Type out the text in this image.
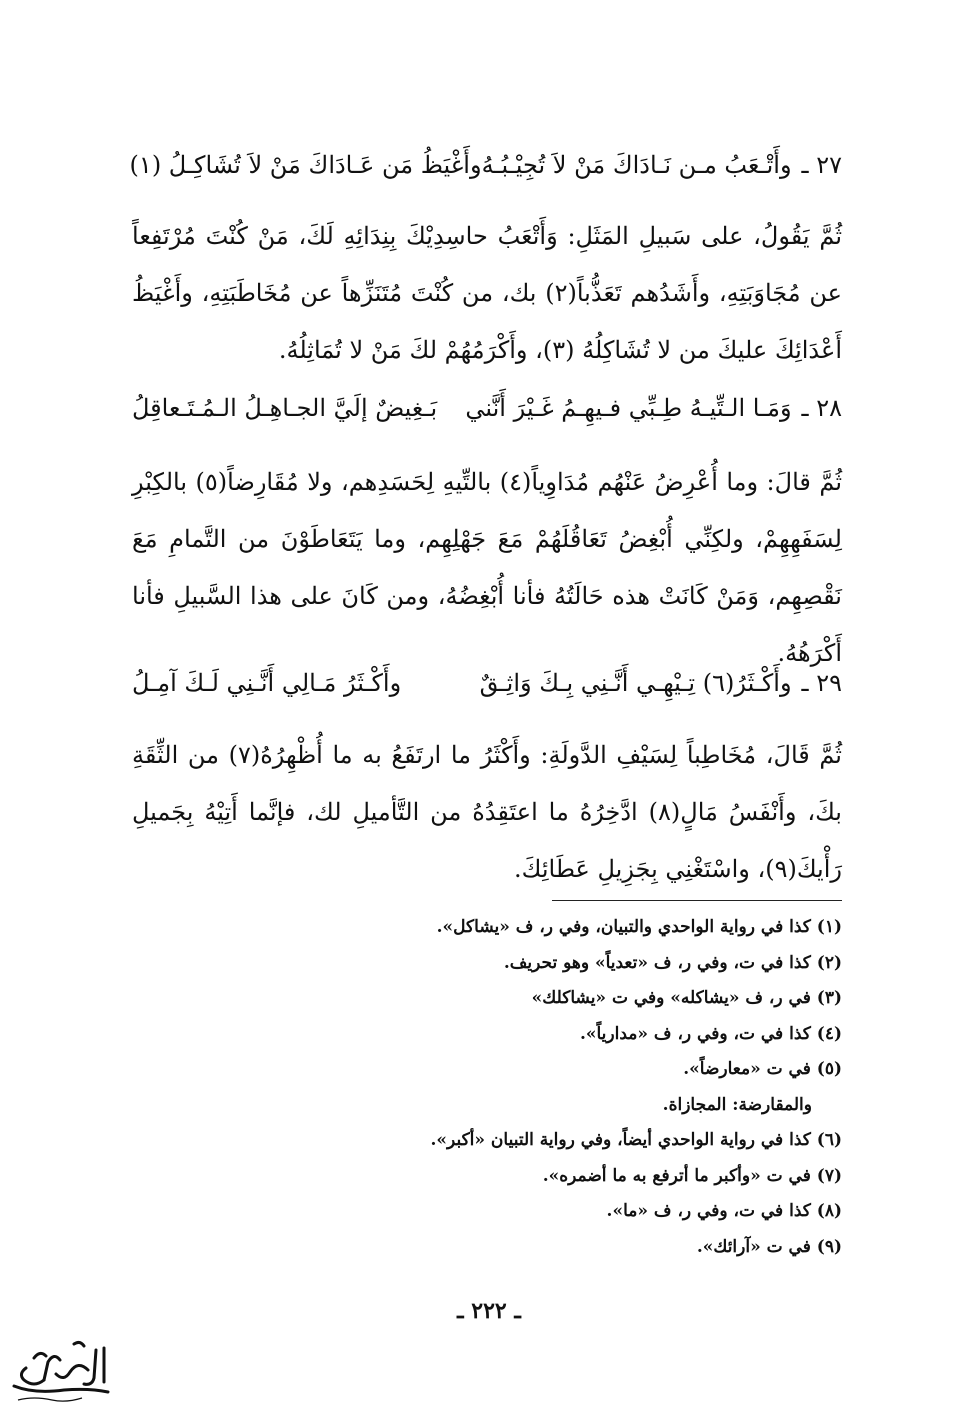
٢٧ ـ
وأَتْـعَبُ مـن نَـادَاكَ مَنْ لاَ تُجِيْـبُـهُ
وأَغْيَظُ مَن عَـادَاكَ مَنْ لاَ تُشَاكِـلُ (١)

ثُمَّ يَقُولُ، على سَبيلِ المَثَلِ: وَأَتْعَبُ حاسِدِيْكَ بِنِدَائِهِ لَكَ، مَنْ كُنْتَ مُرْتَفِعاً عن مُجَاوَبَتِهِ، وأَشَدُهم تَعَذُّباً(٢) بك، من كُنْتَ مُتَنَزِّهاً عن مُخَاطَبَتِهِ، وأَغْيَظُ أَعْدَائِكَ عليكَ من لا تُشَاكِلُهُ (٣)، وأَكْرَمُهُمْ لكَ مَنْ لا تُمَاثِلُهُ.

٢٨ ـ
وَمَـا الـتِّيـهُ طِـبِّي فـيهِـمُ غَـيْرَ أَنَّني
بَـغِيضٌ إلَيَّ الجـاهِـلُ الـمُـتَـعاقِلُ

ثُمَّ قالَ: وما أُعْرِضُ عَنْهُم مُدَاوِياً(٤) بالتِّيهِ لِحَسَدِهم، ولا مُقَارِضاً(٥) بالكِبْرِ لِسَفَهِهِمْ، ولكِنِّي أُبْغِضُ تَعَاقُلَهُمْ مَعَ جَهْلِهِم، وما يَتَعَاطَوْنَ من التَّمامِ مَعَ نَقْصِهِم، وَمَنْ كَانَتْ هذه حَالَتُهُ فأنا أُبْغِضُهُ، ومن كَانَ على هذا السَّبيلِ فأنا أَكْرَهُهُ.

٢٩ ـ
وأَكْـثَرُ(٦) تِـيْهِـي أَنَّـنِي بِـكَ وَاثِـقٌ
وأَكْـثَرُ مَـالِي أَنَّـنِي لَـكَ آمِـلُ

ثُمَّ قَالَ، مُخَاطِباً لِسَيْفِ الدَّولَةِ: وأَكْثَرُ ما ارتَفَعُ به ما أُظْهِرُهُ(٧) من الثِّقَةِ بكَ، وأَنْفَسُ مَالٍ(٨) ادَّخِرُهُ ما اعتَقِدُهُ من التَّأميلِ لك، فإنَّما أَتِيْهُ بِجَميلِ رَأْيكَ(٩)، واسْتَغْنِي بِجَزِيلِ عَطَائِكَ.

(١) كذا في رواية الواحدي والتبيان، وفي ر، ف «يشاكل».
(٢) كذا في ت، وفي ر، ف «تعدياً» وهو تحريف.
(٣) في ر، ف «يشاكله» وفي ت «يشاكلك»
(٤) كذا في ت، وفي ر، ف «مدارياً».
(٥) في ت «معارضاً».
والمقارضة: المجازاة.
(٦) كذا في رواية الواحدي أيضاً، وفي رواية التبيان «أكبر».
(٧) في ت «وأكبر ما أترفع به ما أضمره».
(٨) كذا في ت، وفي ر، ف «ما».
(٩) في ت «آرائك».
ـ ٢٢٢ ـ
